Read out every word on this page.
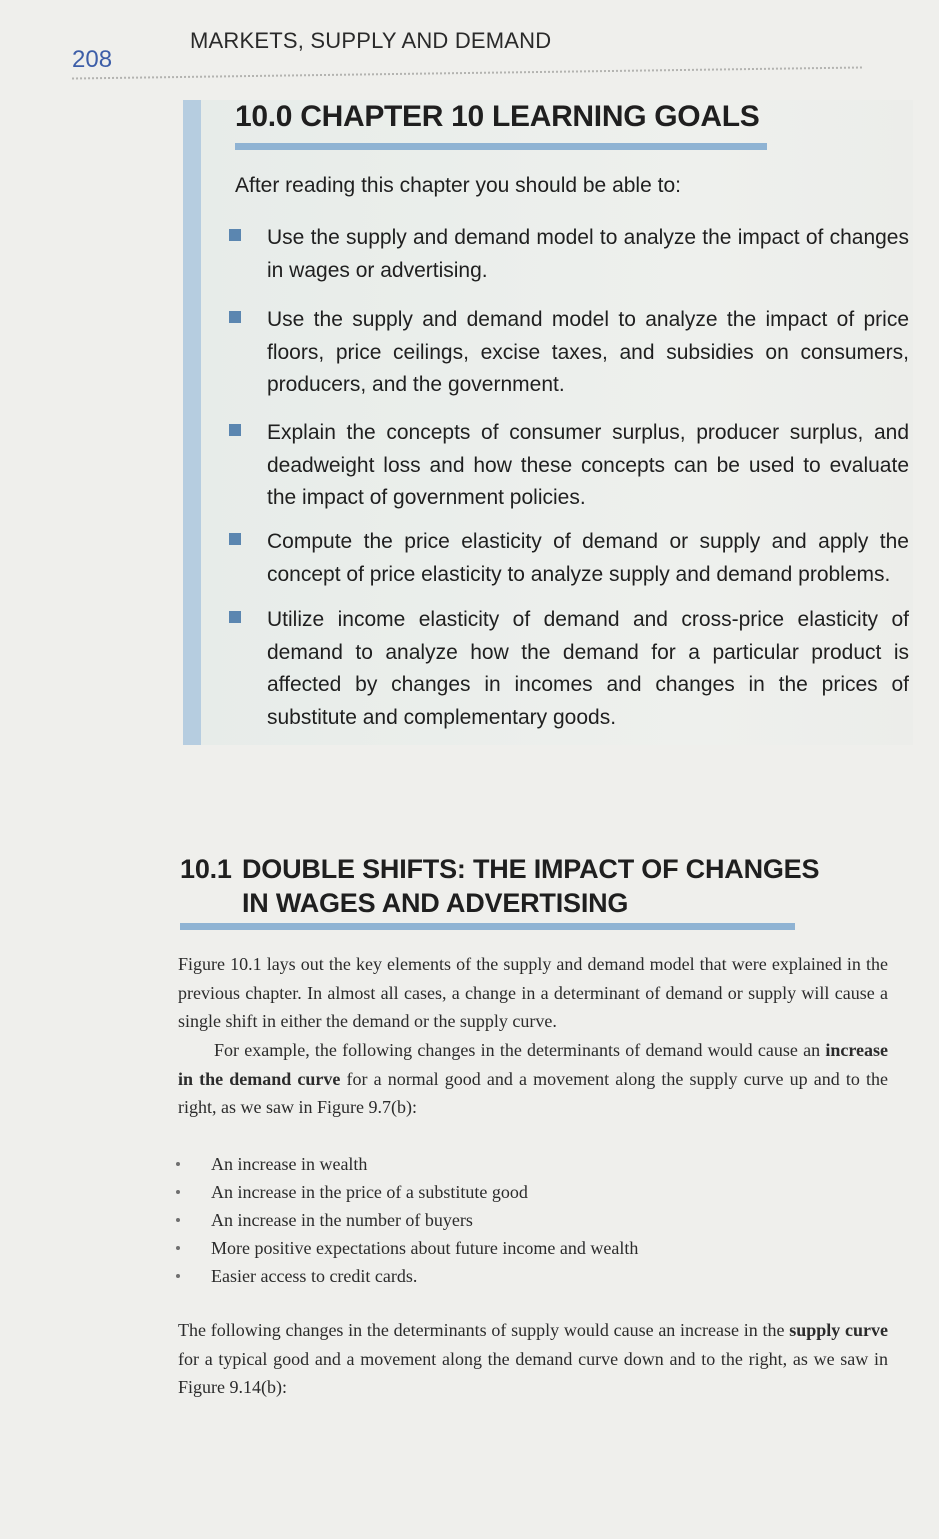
208
MARKETS, SUPPLY AND DEMAND
10.0 CHAPTER 10 LEARNING GOALS
After reading this chapter you should be able to:

Use the supply and demand model to analyze the impact of changes in wages or advertising.

Use the supply and demand model to analyze the impact of price floors, price ceilings, excise taxes, and subsidies on consumers, producers, and the government.

Explain the concepts of consumer surplus, producer surplus, and deadweight loss and how these concepts can be used to evaluate the impact of government policies.

Compute the price elasticity of demand or supply and apply the concept of price elasticity to analyze supply and demand problems.

Utilize income elasticity of demand and cross-price elasticity of demand to analyze how the demand for a particular product is affected by changes in incomes and changes in the prices of substitute and complementary goods.

10.1 DOUBLE SHIFTS: THE IMPACT OF CHANGES IN WAGES AND ADVERTISING

Figure 10.1 lays out the key elements of the supply and demand model that were explained in the previous chapter. In almost all cases, a change in a determinant of demand or supply will cause a single shift in either the demand or the supply curve.

For example, the following changes in the determinants of demand would cause an increase in the demand curve for a normal good and a movement along the supply curve up and to the right, as we saw in Figure 9.7(b):

An increase in wealth
An increase in the price of a substitute good
An increase in the number of buyers
More positive expectations about future income and wealth
Easier access to credit cards.

The following changes in the determinants of supply would cause an increase in the supply curve for a typical good and a movement along the demand curve down and to the right, as we saw in Figure 9.14(b):
